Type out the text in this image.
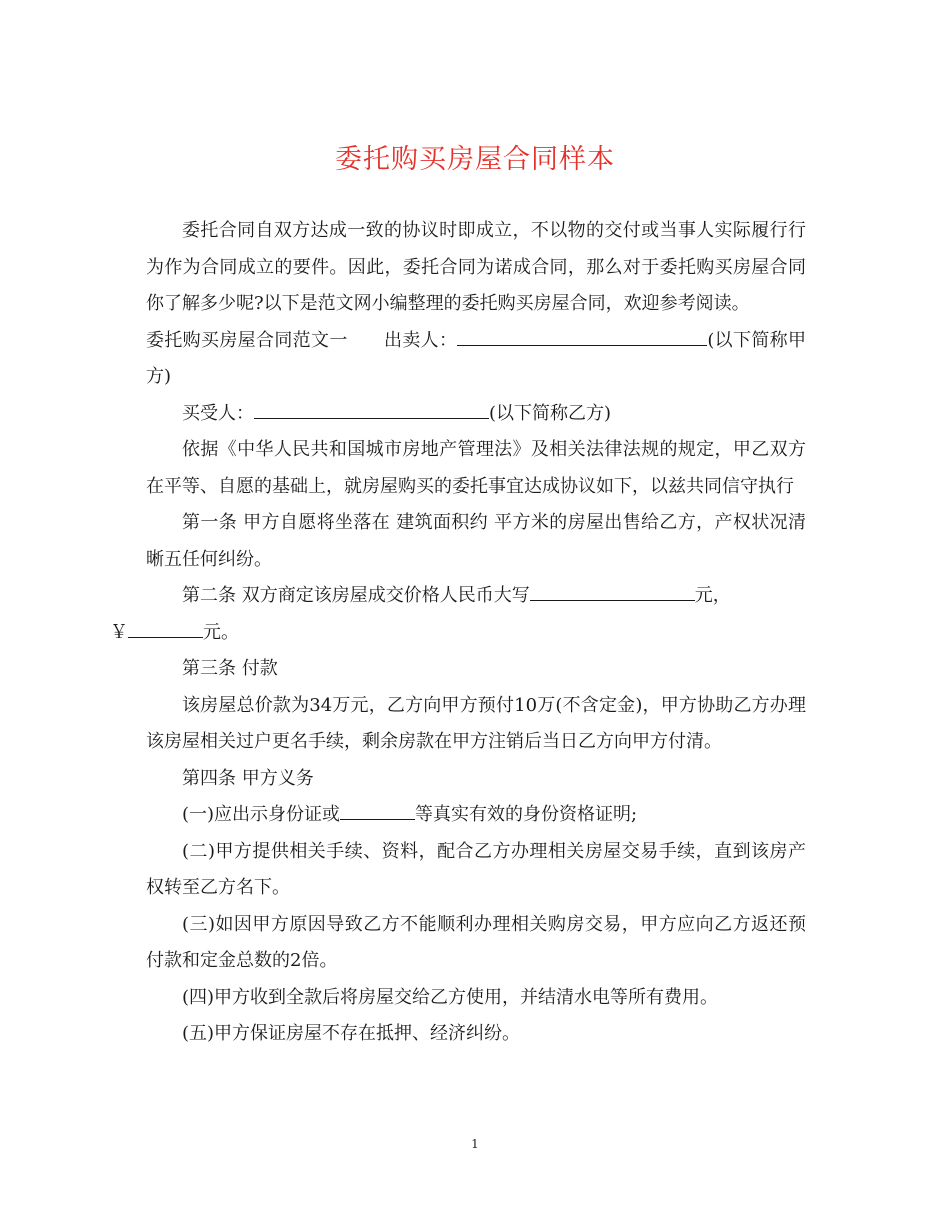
委托购买房屋合同样本

委托合同自双方达成一致的协议时即成立，不以物的交付或当事人实际履行行为作为合同成立的要件。因此，委托合同为诺成合同，那么对于委托购买房屋合同你了解多少呢?以下是范文网小编整理的委托购买房屋合同，欢迎参考阅读。

委托购买房屋合同范文一 出卖人：	(以下简称甲方)

买受人：	(以下简称乙方)

依据《中华人民共和国城市房地产管理法》及相关法律法规的规定，甲乙双方在平等、自愿的基础上，就房屋购买的委托事宜达成协议如下，以兹共同信守执行

第一条 甲方自愿将坐落在 建筑面积约 平方米的房屋出售给乙方，产权状况清晰五任何纠纷。

第二条 双方商定该房屋成交价格人民币大写	元，
￥	元。

第三条 付款

该房屋总价款为34万元，乙方向甲方预付10万(不含定金)，甲方协助乙方办理该房屋相关过户更名手续，剩余房款在甲方注销后当日乙方向甲方付清。

第四条 甲方义务

(一)应出示身份证或	等真实有效的身份资格证明;

(二)甲方提供相关手续、资料，配合乙方办理相关房屋交易手续，直到该房产权转至乙方名下。

(三)如因甲方原因导致乙方不能顺利办理相关购房交易，甲方应向乙方返还预付款和定金总数的2倍。

(四)甲方收到全款后将房屋交给乙方使用，并结清水电等所有费用。

(五)甲方保证房屋不存在抵押、经济纠纷。

1
